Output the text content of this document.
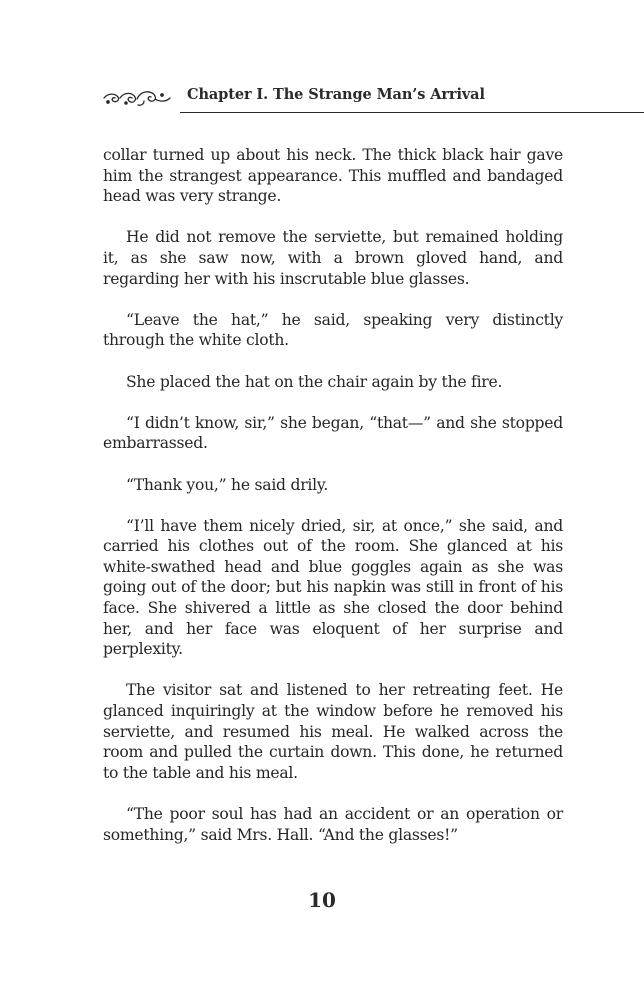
Chapter I. The Strange Man’s Arrival

collar turned up about his neck. The thick black hair gave him the strangest appearance. This muffled and bandaged head was very strange.

He did not remove the serviette, but remained holding it, as she saw now, with a brown gloved hand, and regarding her with his inscrutable blue glasses.

“Leave the hat,” he said, speaking very distinctly through the white cloth.

She placed the hat on the chair again by the fire.

“I didn’t know, sir,” she began, “that—” and she stopped embarrassed.

“Thank you,” he said drily.

“I’ll have them nicely dried, sir, at once,” she said, and carried his clothes out of the room. She glanced at his white-swathed head and blue goggles again as she was going out of the door; but his napkin was still in front of his face. She shivered a little as she closed the door behind her, and her face was eloquent of her surprise and perplexity.

The visitor sat and listened to her retreating feet. He glanced inquiringly at the window before he removed his serviette, and resumed his meal. He walked across the room and pulled the curtain down. This done, he returned to the table and his meal.

“The poor soul has had an accident or an operation or something,” said Mrs. Hall. “And the glasses!”

10
